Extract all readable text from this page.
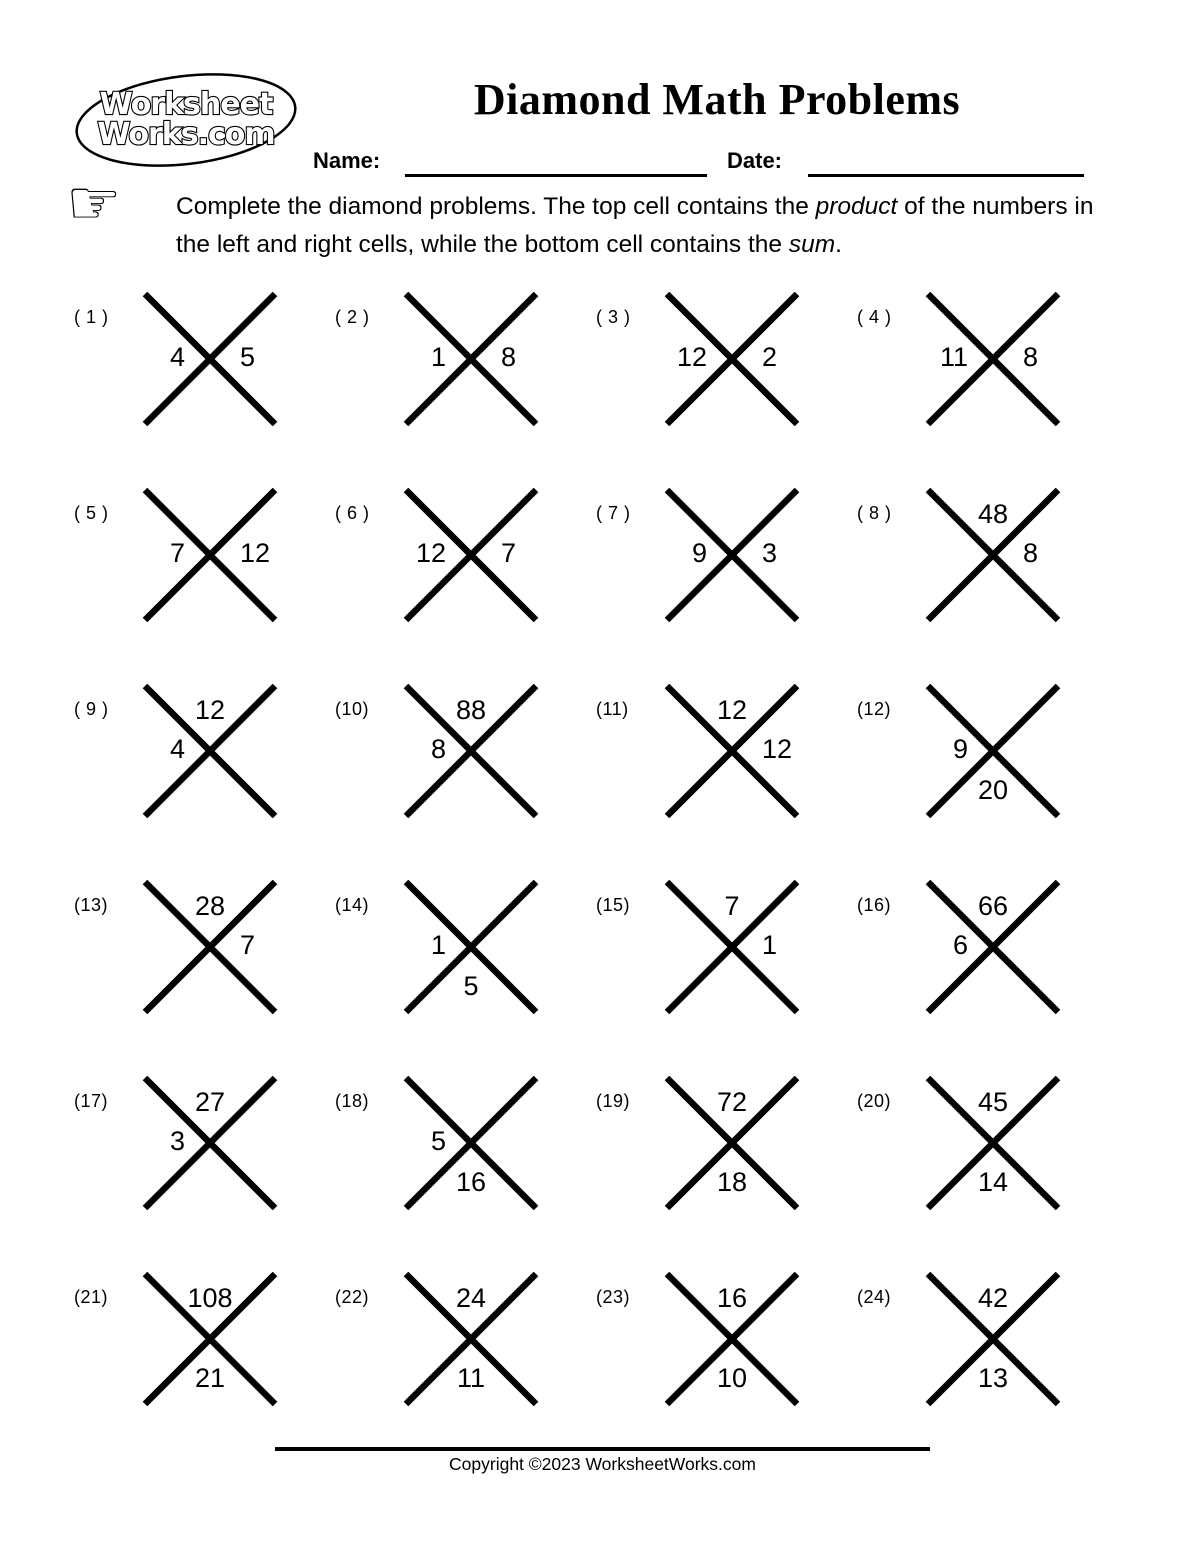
Worksheet
Works.com
Diamond Math Problems
Name:	Date:
☞ Complete the diamond problems. The top cell contains the product of the numbers in the left and right cells, while the bottom cell contains the sum.
( 1 )
4 5
( 2 )
1 8
( 3 )
12 2
( 4 )
11 8
( 5 )
7 12
( 6 )
12 7
( 7 )
9 3
( 8 )	48
8
( 9 )	12
4
(10)	88
8
(11)	12
12
(12)
9
20
(13)	28
7
(14)
1
5
(15)	7
1
(16)	66
6
(17)	27
3
(18)
5
16
(19)	72
18
(20)	45
14
(21)	108
21
(22)	24
11
(23)	16
10
(24)	42
13
Copyright ©2023 WorksheetWorks.com
